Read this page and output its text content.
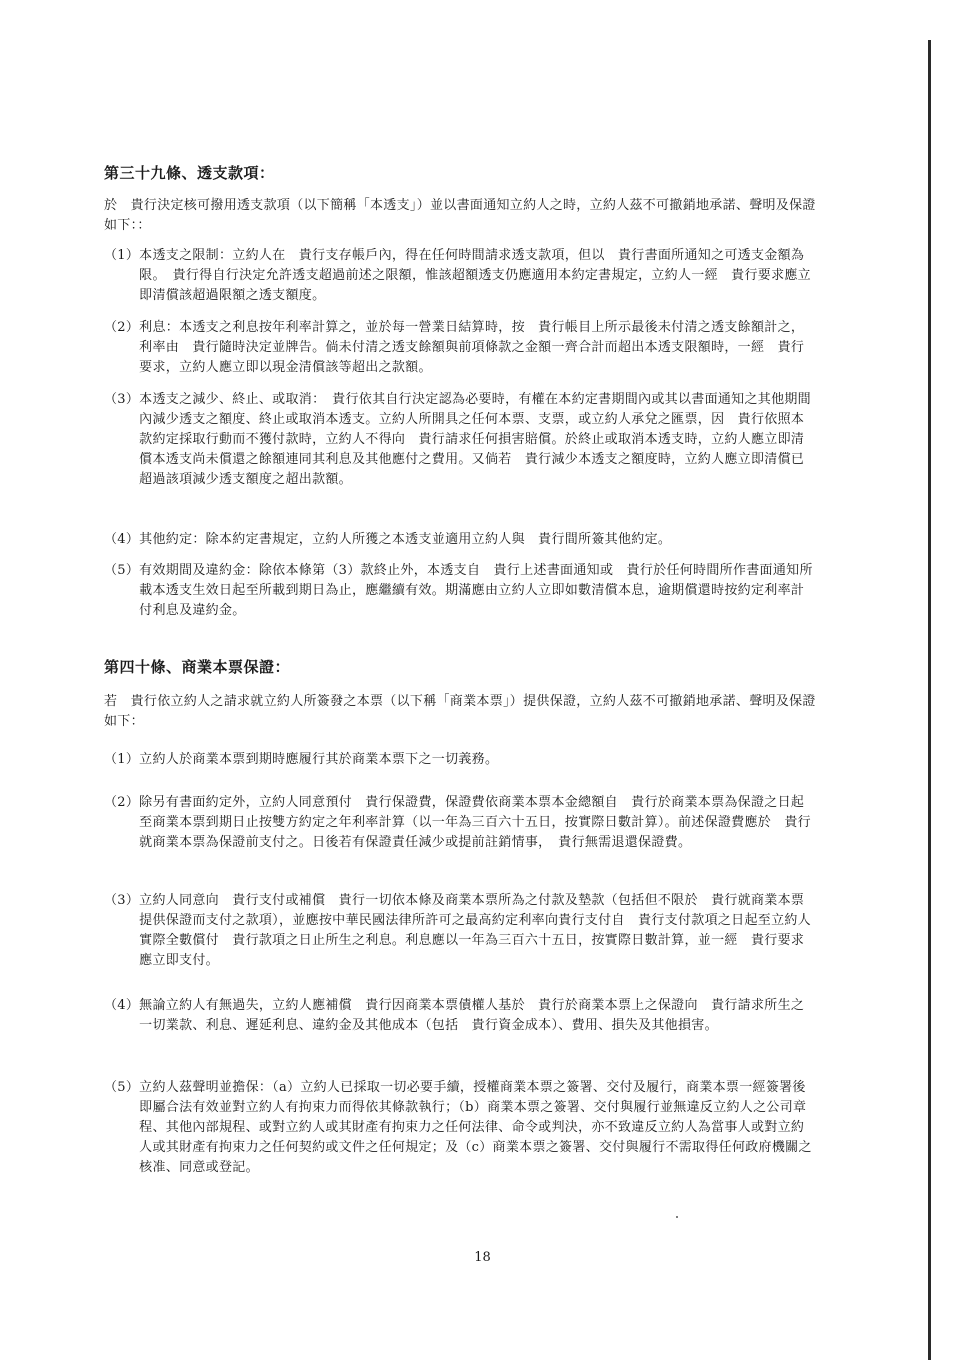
第三十九條、透支款項：
於　貴行決定核可撥用透支款項（以下簡稱「本透支」）並以書面通知立約人之時，立約人茲不可撤銷地承諾、聲明及保證如下：：
（1） 本透支之限制：立約人在　貴行支存帳戶內，得在任何時間請求透支款項，但以　貴行書面所通知之可透支金額為限。　貴行得自行決定允許透支超過前述之限額，惟該超額透支仍應適用本約定書規定，立約人一經　貴行要求應立即清償該超過限額之透支額度。
（2） 利息：本透支之利息按年利率計算之，並於每一營業日結算時，按　貴行帳目上所示最後未付清之透支餘額計之，利率由　貴行隨時決定並牌告。倘未付清之透支餘額與前項條款之金額一齊合計而超出本透支限額時，一經　貴行要求，立約人應立即以現金清償該等超出之款額。
（3） 本透支之減少、終止、或取消：　貴行依其自行決定認為必要時，有權在本約定書期間內或其以書面通知之其他期間內減少透支之額度、終止或取消本透支。立約人所開具之任何本票、支票，或立約人承兌之匯票，因　貴行依照本款約定採取行動而不獲付款時，立約人不得向　貴行請求任何損害賠償。於終止或取消本透支時，立約人應立即清償本透支尚未償還之餘額連同其利息及其他應付之費用。又倘若　貴行減少本透支之額度時，立約人應立即清償已超過該項減少透支額度之超出款額。
（4） 其他約定：除本約定書規定，立約人所獲之本透支並適用立約人與　貴行間所簽其他約定。
（5） 有效期間及違約金：除依本條第（3）款終止外，本透支自　貴行上述書面通知或　貴行於任何時間所作書面通知所載本透支生效日起至所載到期日為止，應繼續有效。期滿應由立約人立即如數清償本息，逾期償還時按約定利率計付利息及違約金。
第四十條、商業本票保證：
若　貴行依立約人之請求就立約人所簽發之本票（以下稱「商業本票」）提供保證，立約人茲不可撤銷地承諾、聲明及保證如下：
（1） 立約人於商業本票到期時應履行其於商業本票下之一切義務。
（2） 除另有書面約定外，立約人同意預付　貴行保證費，保證費依商業本票本金總額自　貴行於商業本票為保證之日起至商業本票到期日止按雙方約定之年利率計算（以一年為三百六十五日，按實際日數計算）。前述保證費應於　貴行就商業本票為保證前支付之。日後若有保證責任減少或提前註銷情事，　貴行無需退還保證費。
（3） 立約人同意向　貴行支付或補償　貴行一切依本條及商業本票所為之付款及墊款（包括但不限於　貴行就商業本票提供保證而支付之款項），並應按中華民國法律所許可之最高約定利率向貴行支付自　貴行支付款項之日起至立約人實際全數償付　貴行款項之日止所生之利息。利息應以一年為三百六十五日，按實際日數計算，並一經　貴行要求應立即支付。
（4） 無論立約人有無過失，立約人應補償　貴行因商業本票債權人基於　貴行於商業本票上之保證向　貴行請求所生之一切業款、利息、遲延利息、違約金及其他成本（包括　貴行資金成本）、費用、損失及其他損害。
（5） 立約人茲聲明並擔保：（a）立約人已採取一切必要手續，授權商業本票之簽署、交付及履行，商業本票一經簽署後即屬合法有效並對立約人有拘束力而得依其條款執行；（b）商業本票之簽署、交付與履行並無違反立約人之公司章程、其他內部規程、或對立約人或其財產有拘束力之任何法律、命令或判決，亦不致違反立約人為當事人或對立約人或其財產有拘束力之任何契約或文件之任何規定；及（c）商業本票之簽署、交付與履行不需取得任何政府機關之核准、同意或登記。
18
